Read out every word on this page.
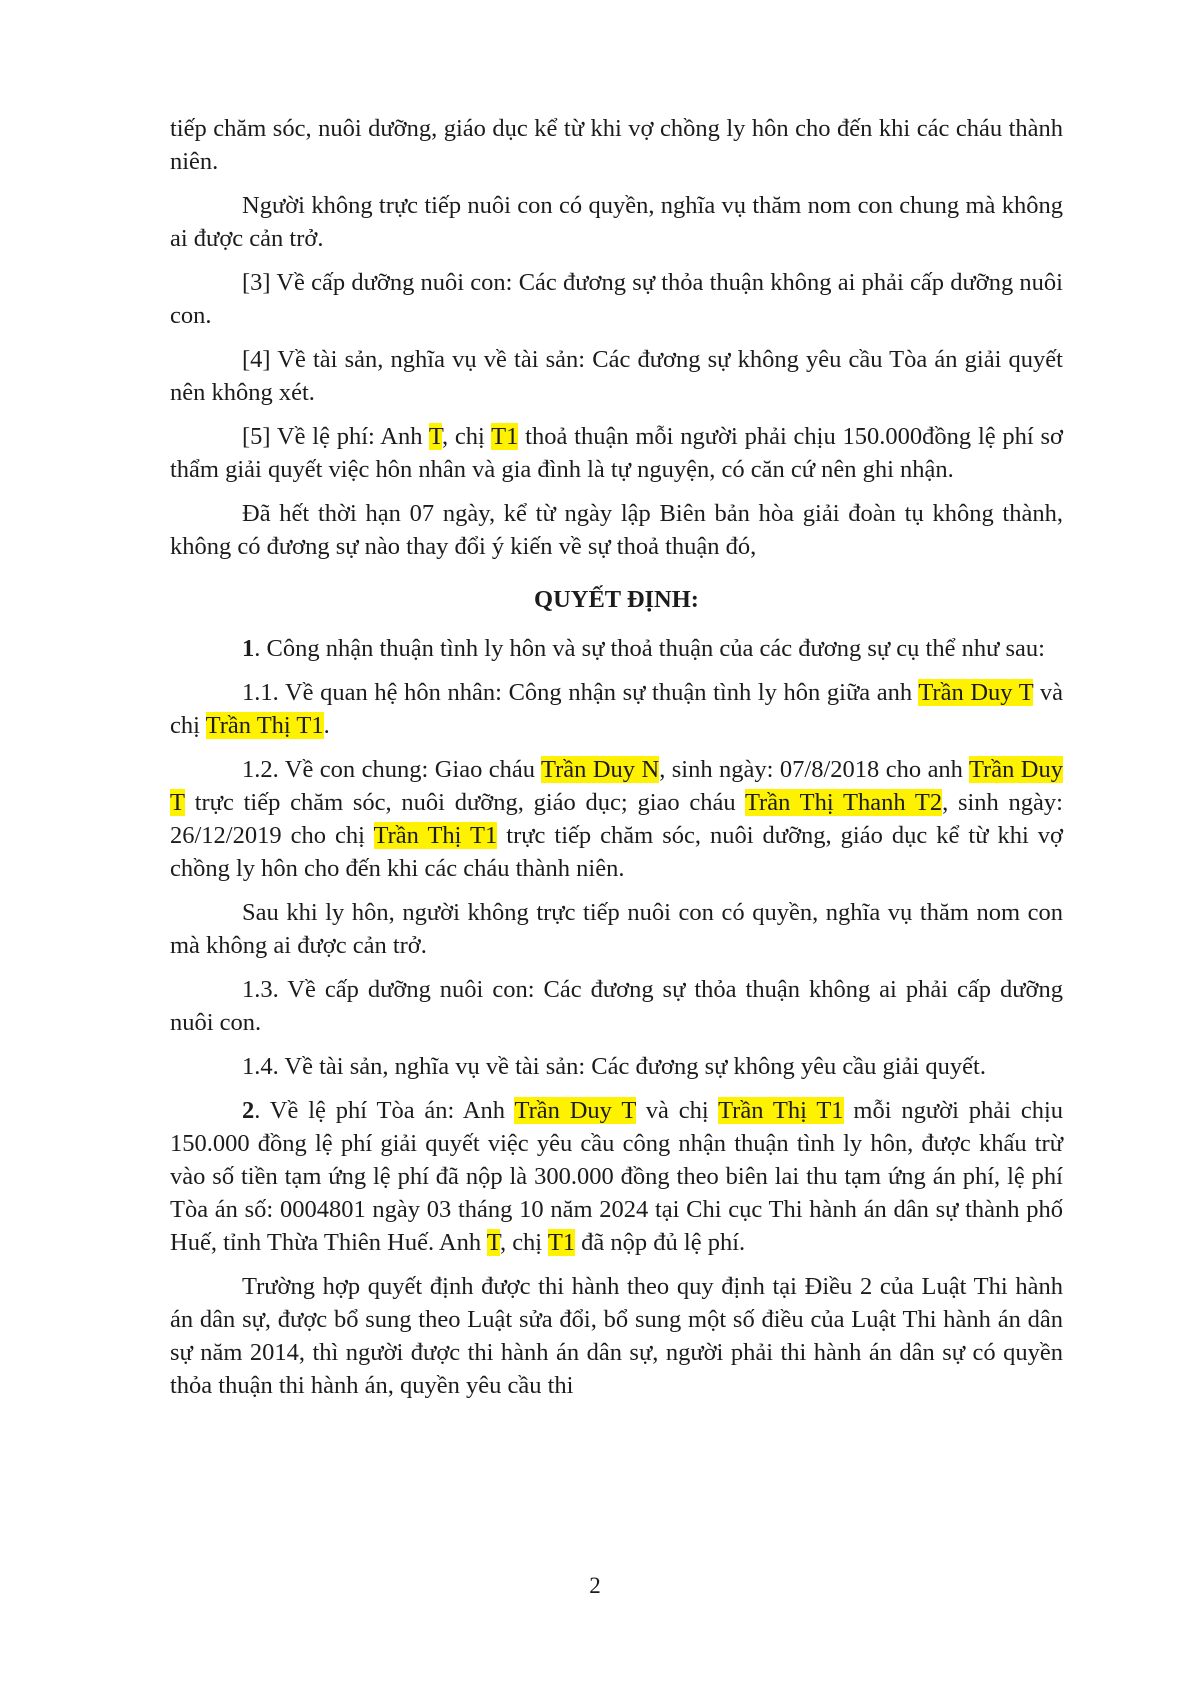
tiếp chăm sóc, nuôi dưỡng, giáo dục kể từ khi vợ chồng ly hôn cho đến khi các cháu thành niên.

Người không trực tiếp nuôi con có quyền, nghĩa vụ thăm nom con chung mà không ai được cản trở.

[3] Về cấp dưỡng nuôi con: Các đương sự thỏa thuận không ai phải cấp dưỡng nuôi con.

[4] Về tài sản, nghĩa vụ về tài sản: Các đương sự không yêu cầu Tòa án giải quyết nên không xét.

[5] Về lệ phí: Anh T, chị T1 thoả thuận mỗi người phải chịu 150.000đồng lệ phí sơ thẩm giải quyết việc hôn nhân và gia đình là tự nguyện, có căn cứ nên ghi nhận.

Đã hết thời hạn 07 ngày, kể từ ngày lập Biên bản hòa giải đoàn tụ không thành, không có đương sự nào thay đổi ý kiến về sự thoả thuận đó,

QUYẾT ĐỊNH:

1. Công nhận thuận tình ly hôn và sự thoả thuận của các đương sự cụ thể như sau:

1.1. Về quan hệ hôn nhân: Công nhận sự thuận tình ly hôn giữa anh Trần Duy T và chị Trần Thị T1.

1.2. Về con chung: Giao cháu Trần Duy N, sinh ngày: 07/8/2018 cho anh Trần Duy T trực tiếp chăm sóc, nuôi dưỡng, giáo dục; giao cháu Trần Thị Thanh T2, sinh ngày: 26/12/2019 cho chị Trần Thị T1 trực tiếp chăm sóc, nuôi dưỡng, giáo dục kể từ khi vợ chồng ly hôn cho đến khi các cháu thành niên.

Sau khi ly hôn, người không trực tiếp nuôi con có quyền, nghĩa vụ thăm nom con mà không ai được cản trở.

1.3. Về cấp dưỡng nuôi con: Các đương sự thỏa thuận không ai phải cấp dưỡng nuôi con.

1.4. Về tài sản, nghĩa vụ về tài sản: Các đương sự không yêu cầu giải quyết.

2. Về lệ phí Tòa án: Anh Trần Duy T và chị Trần Thị T1 mỗi người phải chịu 150.000 đồng lệ phí giải quyết việc yêu cầu công nhận thuận tình ly hôn, được khấu trừ vào số tiền tạm ứng lệ phí đã nộp là 300.000 đồng theo biên lai thu tạm ứng án phí, lệ phí Tòa án số: 0004801 ngày 03 tháng 10 năm 2024 tại Chi cục Thi hành án dân sự thành phố Huế, tỉnh Thừa Thiên Huế. Anh T, chị T1 đã nộp đủ lệ phí.

Trường hợp quyết định được thi hành theo quy định tại Điều 2 của Luật Thi hành án dân sự, được bổ sung theo Luật sửa đổi, bổ sung một số điều của Luật Thi hành án dân sự năm 2014, thì người được thi hành án dân sự, người phải thi hành án dân sự có quyền thỏa thuận thi hành án, quyền yêu cầu thi

2
